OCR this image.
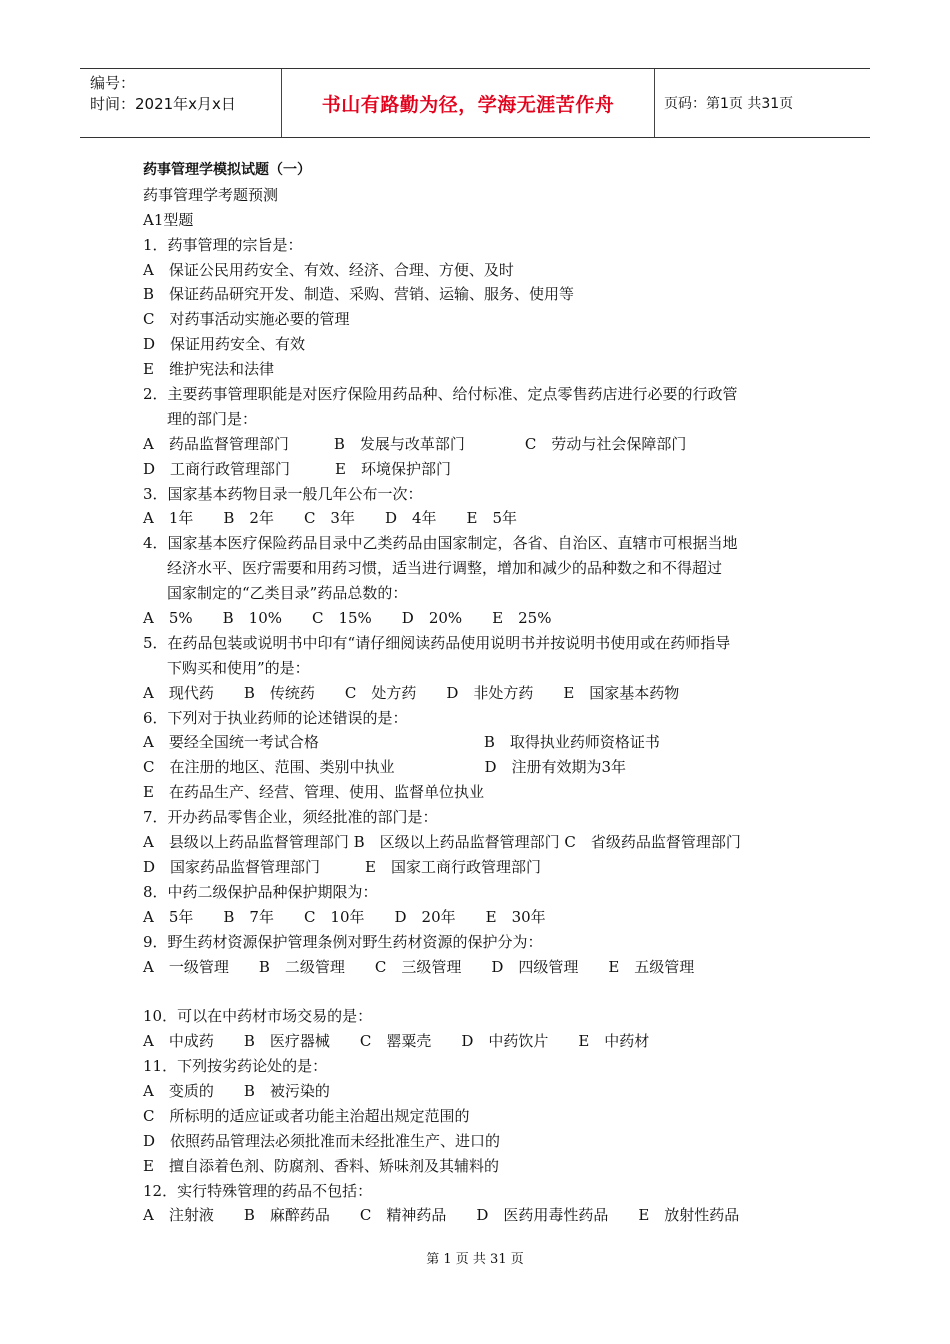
编号：
时间：2021年x月x日	书山有路勤为径，学海无涯苦作舟	页码：第1页 共31页
药事管理学模拟试题（一）
药事管理学考题预测
A1型题
1．药事管理的宗旨是：
A　保证公民用药安全、有效、经济、合理、方便、及时
B　保证药品研究开发、制造、采购、营销、运输、服务、使用等
C　对药事活动实施必要的管理
D　保证用药安全、有效
E　维护宪法和法律
2．主要药事管理职能是对医疗保险用药品种、给付标准、定点零售药店进行必要的行政管
理的部门是：
A　药品监督管理部门　　　B　发展与改革部门　　　　C　劳动与社会保障部门
D　工商行政管理部门　　　E　环境保护部门
3．国家基本药物目录一般几年公布一次：
A　1年　　B　2年　　C　3年　　D　4年　　E　5年
4．国家基本医疗保险药品目录中乙类药品由国家制定，各省、自治区、直辖市可根据当地
经济水平、医疗需要和用药习惯，适当进行调整，增加和减少的品种数之和不得超过
国家制定的“乙类目录”药品总数的：
A　5%　　B　10%　　C　15%　　D　20%　　E　25%
5．在药品包装或说明书中印有“请仔细阅读药品使用说明书并按说明书使用或在药师指导
下购买和使用”的是：
A　现代药　　B　传统药　　C　处方药　　D　非处方药　　E　国家基本药物
6．下列对于执业药师的论述错误的是：
A　要经全国统一考试合格　　　　　　　　　　　B　取得执业药师资格证书
C　在注册的地区、范围、类别中执业　　　　　　D　注册有效期为3年
E　在药品生产、经营、管理、使用、监督单位执业
7．开办药品零售企业，须经批准的部门是：
A　县级以上药品监督管理部门 B　区级以上药品监督管理部门 C　省级药品监督管理部门
D　国家药品监督管理部门　　　E　国家工商行政管理部门
8．中药二级保护品种保护期限为：
A　5年　　B　7年　　C　10年　　D　20年　　E　30年
9．野生药材资源保护管理条例对野生药材资源的保护分为：
A　一级管理　　B　二级管理　　C　三级管理　　D　四级管理　　E　五级管理
10．可以在中药材市场交易的是：
A　中成药　　B　医疗器械　　C　罂粟壳　　D　中药饮片　　E　中药材
11．下列按劣药论处的是：
A　变质的　　B　被污染的
C　所标明的适应证或者功能主治超出规定范围的
D　依照药品管理法必须批准而未经批准生产、进口的
E　擅自添着色剂、防腐剂、香料、矫味剂及其辅料的
12．实行特殊管理的药品不包括：
A　注射液　　B　麻醉药品　　C　精神药品　　D　医药用毒性药品　　E　放射性药品
第 1 页 共 31 页
